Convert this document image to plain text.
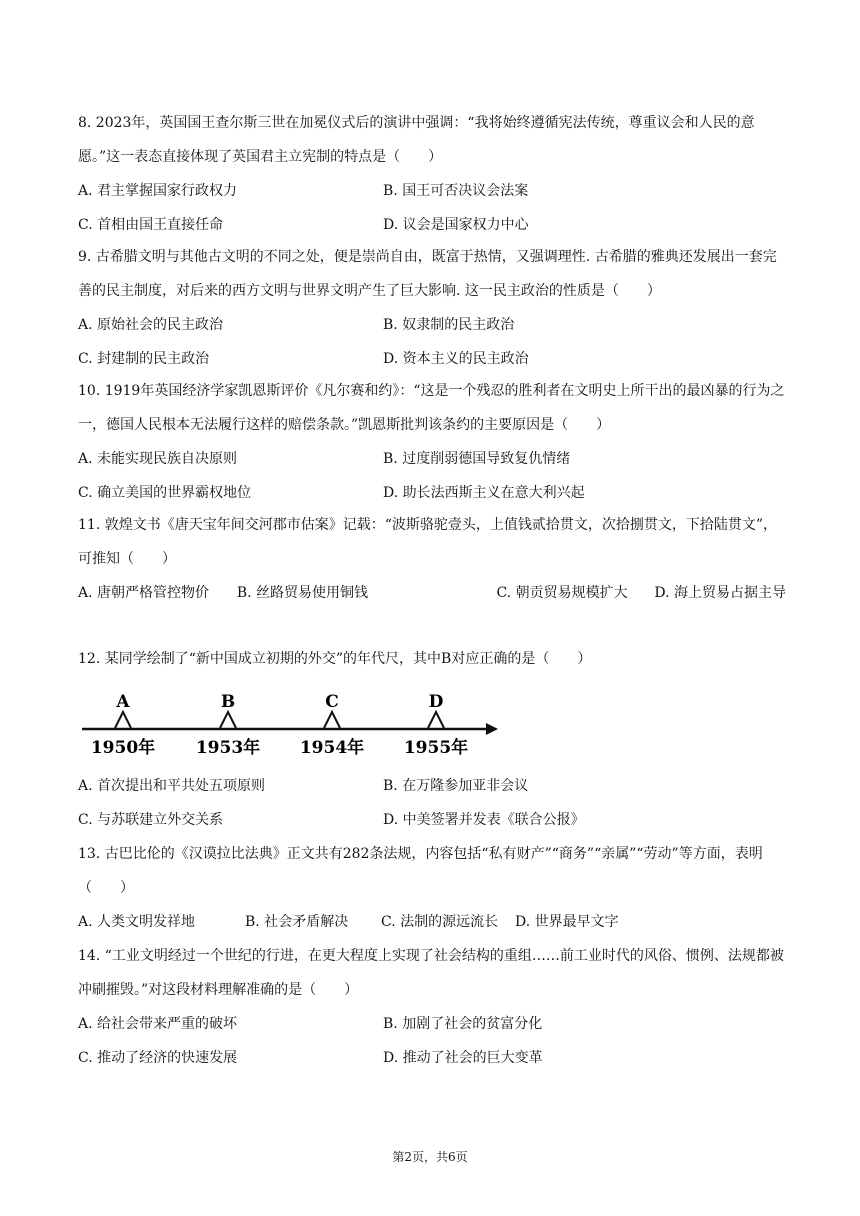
8. 2023年，英国国王查尔斯三世在加冕仪式后的演讲中强调：“我将始终遵循宪法传统，尊重议会和人民的意愿。”这一表态直接体现了英国君主立宪制的特点是（　　）

A. 君主掌握国家行政权力	B. 国王可否决议会法案
C. 首相由国王直接任命	D. 议会是国家权力中心

9. 古希腊文明与其他古文明的不同之处，便是崇尚自由，既富于热情，又强调理性. 古希腊的雅典还发展出一套完善的民主制度，对后来的西方文明与世界文明产生了巨大影响. 这一民主政治的性质是（　　）

A. 原始社会的民主政治	B. 奴隶制的民主政治
C. 封建制的民主政治	D. 资本主义的民主政治

10. 1919年英国经济学家凯恩斯评价《凡尔赛和约》：“这是一个残忍的胜利者在文明史上所干出的最凶暴的行为之一，德国人民根本无法履行这样的赔偿条款。”凯恩斯批判该条约的主要原因是（　　）

A. 未能实现民族自决原则	B. 过度削弱德国导致复仇情绪
C. 确立美国的世界霸权地位	D. 助长法西斯主义在意大利兴起

11. 敦煌文书《唐天宝年间交河郡市估案》记载：“波斯骆驼壹头，上值钱贰拾贯文，次拾捌贯文，下拾陆贯文”，可推知（　　）

A. 唐朝严格管控物价	B. 丝路贸易使用铜钱	C. 朝贡贸易规模扩大	D. 海上贸易占据主导

12. 某同学绘制了“新中国成立初期的外交”的年代尺，其中B对应正确的是（　　）

A
1950年
B
1953年
C
1954年
D
1955年
A. 首次提出和平共处五项原则	B. 在万隆参加亚非会议
C. 与苏联建立外交关系	D. 中美签署并发表《联合公报》

13. 古巴比伦的《汉谟拉比法典》正文共有282条法规，内容包括“私有财产”“商务”“亲属”“劳动”等方面，表明（　　）

A. 人类文明发祥地	B. 社会矛盾解决	C. 法制的源远流长	D. 世界最早文字

14. “工业文明经过一个世纪的行进，在更大程度上实现了社会结构的重组……前工业时代的风俗、惯例、法规都被冲刷摧毁。”对这段材料理解准确的是（　　）

A. 给社会带来严重的破坏	B. 加剧了社会的贫富分化
C. 推动了经济的快速发展	D. 推动了社会的巨大变革
第2页，共6页
